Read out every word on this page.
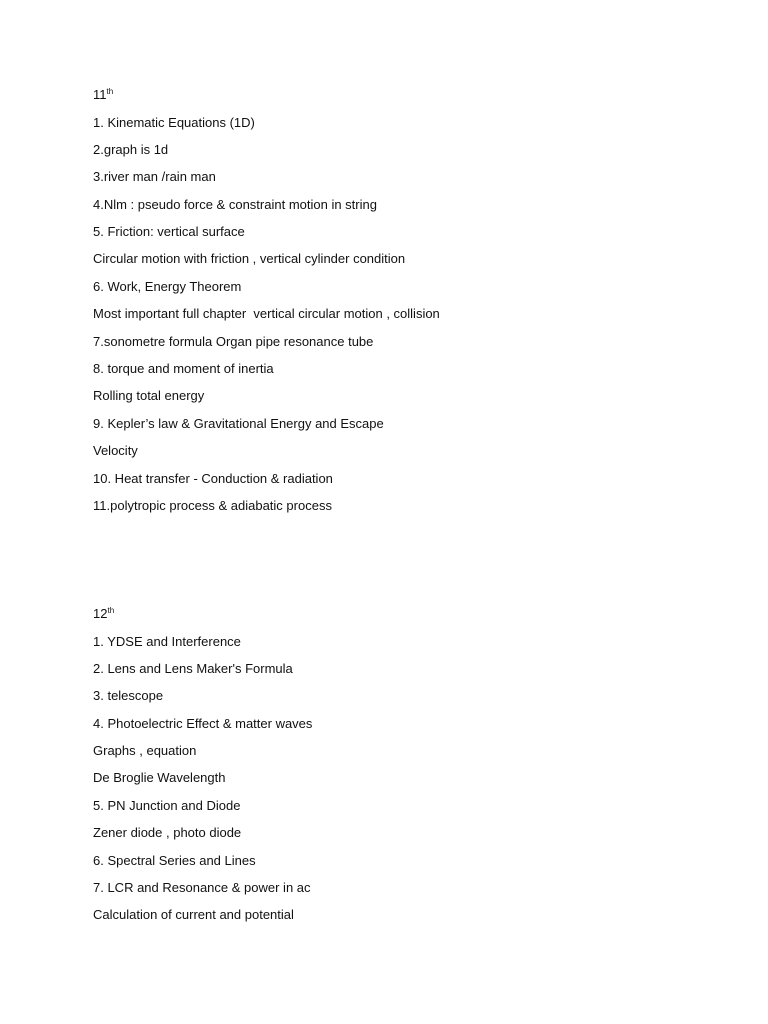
11th
1. Kinematic Equations (1D)
2.graph is 1d
3.river man /rain man
4.Nlm : pseudo force & constraint motion in string
5. Friction: vertical surface
Circular motion with friction , vertical cylinder condition
6. Work, Energy Theorem
Most important full chapter  vertical circular motion , collision
7.sonometre formula Organ pipe resonance tube
8. torque and moment of inertia
Rolling total energy
9. Kepler’s law & Gravitational Energy and Escape
Velocity
10. Heat transfer - Conduction & radiation
11.polytropic process & adiabatic process
12th
1. YDSE and Interference
2. Lens and Lens Maker's Formula
3. telescope
4. Photoelectric Effect & matter waves
Graphs , equation
De Broglie Wavelength
5. PN Junction and Diode
Zener diode , photo diode
6. Spectral Series and Lines
7. LCR and Resonance & power in ac
Calculation of current and potential
